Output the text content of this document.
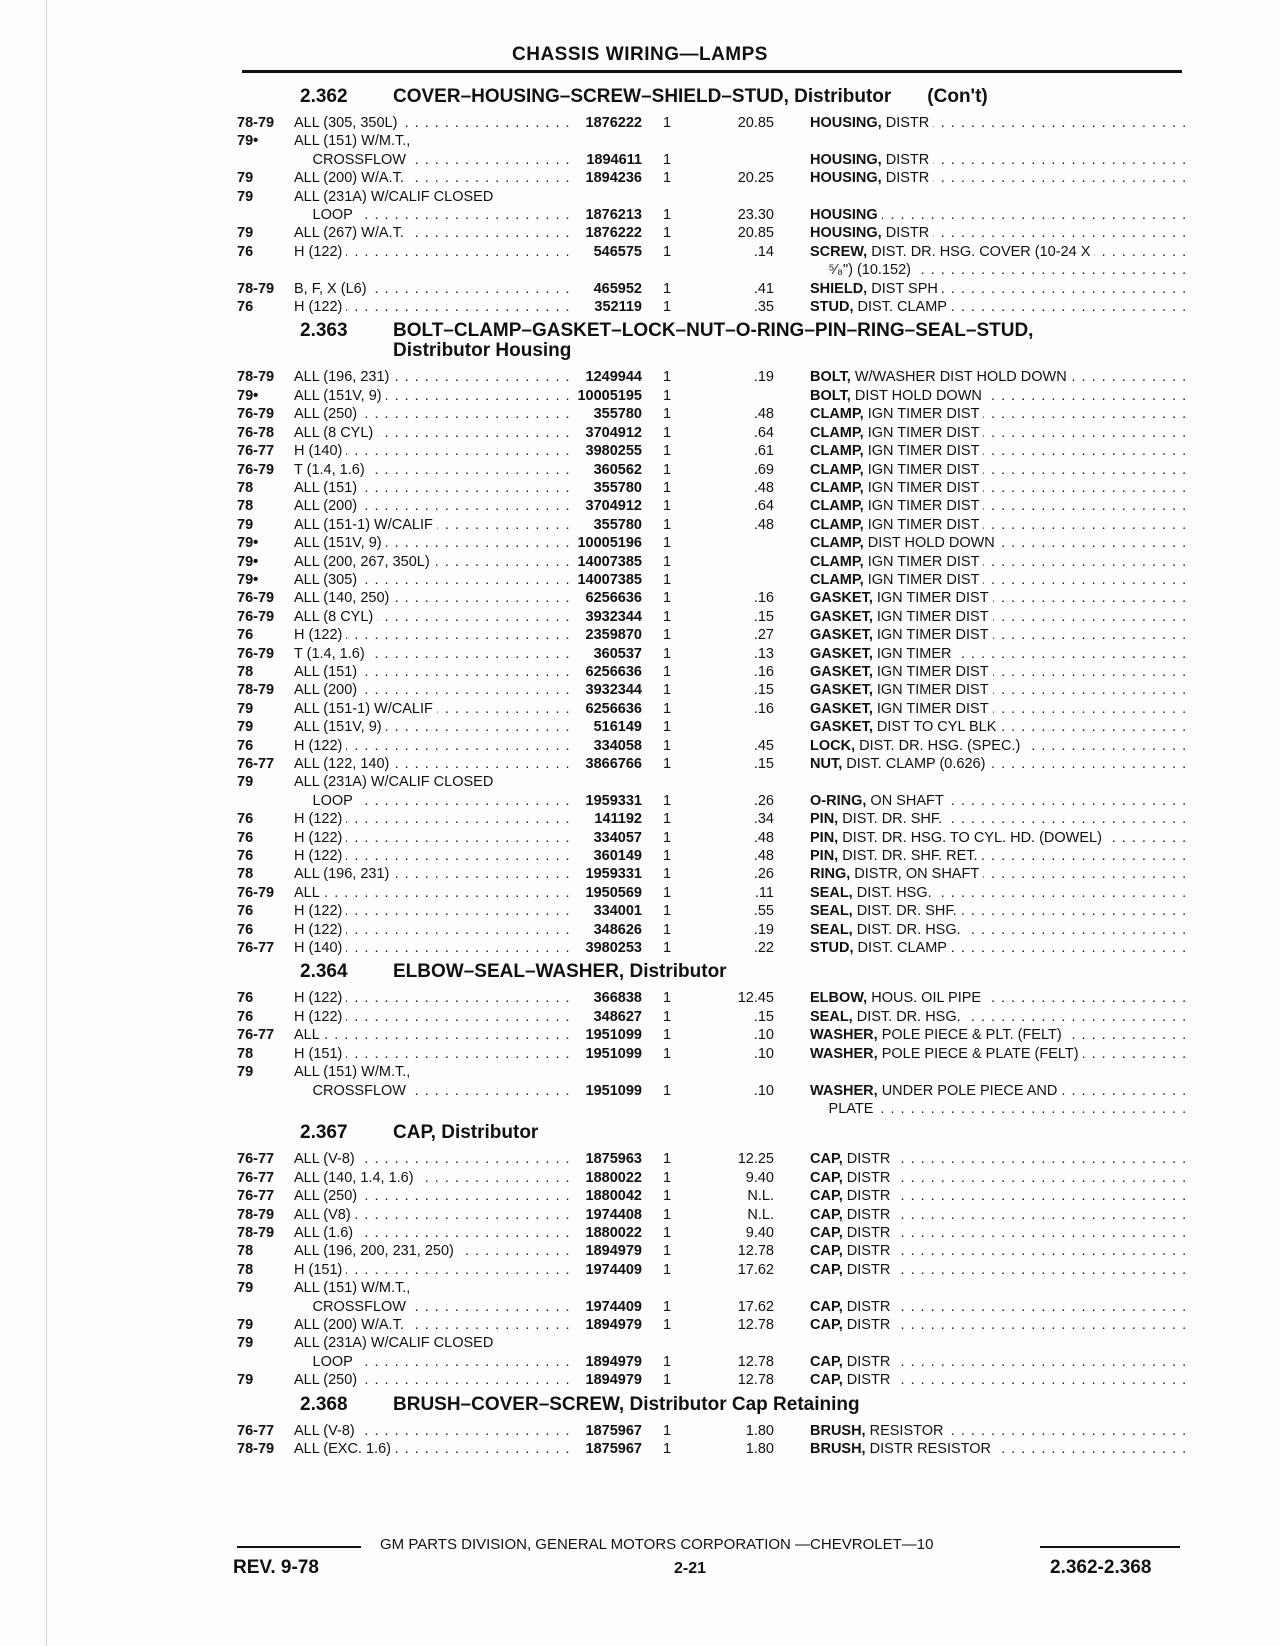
CHASSIS WIRING—LAMPS
2.362	COVER–HOUSING–SCREW–SHIELD–STUD, Distributor (Con't)
78-79	ALL (305, 350L) . . .	1876222	1	20.85	HOUSING, DISTR . . .
79•	ALL (151) W/M.T.,
  CROSSFLOW . . .	1894611	1	HOUSING, DISTR . . .
79	ALL (200) W/A.T. . . .	1894236	1	20.25	HOUSING, DISTR . . .
79	ALL (231A) W/CALIF CLOSED
  LOOP . . .	1876213	1	23.30	HOUSING . . .
79	ALL (267) W/A.T. . . .	1876222	1	20.85	HOUSING, DISTR . . .
76	H (122) . . .	546575	1	.14	SCREW, DIST. DR. HSG. COVER (10-24 X . . .
  ⁵⁄₈") (10.152) . . .
78-79	B, F, X (L6) . . .	465952	1	.41	SHIELD, DIST SPH . . .
76	H (122) . . .	352119	1	.35	STUD, DIST. CLAMP . . .
2.363	BOLT–CLAMP–GASKET–LOCK–NUT–O-RING–PIN–RING–SEAL–STUD,
Distributor Housing
78-79	ALL (196, 231) . . .	1249944	1	.19	BOLT, W/WASHER DIST HOLD DOWN . . .
79•	ALL (151V, 9) . . .	10005195	1	BOLT, DIST HOLD DOWN . . .
76-79	ALL (250) . . .	355780	1	.48	CLAMP, IGN TIMER DIST . . .
76-78	ALL (8 CYL) . . .	3704912	1	.64	CLAMP, IGN TIMER DIST . . .
76-77	H (140) . . .	3980255	1	.61	CLAMP, IGN TIMER DIST . . .
76-79	T (1.4, 1.6) . . .	360562	1	.69	CLAMP, IGN TIMER DIST . . .
78	ALL (151) . . .	355780	1	.48	CLAMP, IGN TIMER DIST . . .
78	ALL (200) . . .	3704912	1	.64	CLAMP, IGN TIMER DIST . . .
79	ALL (151-1) W/CALIF . . .	355780	1	.48	CLAMP, IGN TIMER DIST . . .
79•	ALL (151V, 9) . . .	10005196	1	CLAMP, DIST HOLD DOWN . . .
79•	ALL (200, 267, 350L) . . .	14007385	1	CLAMP, IGN TIMER DIST . . .
79•	ALL (305) . . .	14007385	1	CLAMP, IGN TIMER DIST . . .
76-79	ALL (140, 250) . . .	6256636	1	.16	GASKET, IGN TIMER DIST . . .
76-79	ALL (8 CYL) . . .	3932344	1	.15	GASKET, IGN TIMER DIST . . .
76	H (122) . . .	2359870	1	.27	GASKET, IGN TIMER DIST . . .
76-79	T (1.4, 1.6) . . .	360537	1	.13	GASKET, IGN TIMER . . .
78	ALL (151) . . .	6256636	1	.16	GASKET, IGN TIMER DIST . . .
78-79	ALL (200) . . .	3932344	1	.15	GASKET, IGN TIMER DIST . . .
79	ALL (151-1) W/CALIF . . .	6256636	1	.16	GASKET, IGN TIMER DIST . . .
79	ALL (151V, 9) . . .	516149	1	GASKET, DIST TO CYL BLK . . .
76	H (122) . . .	334058	1	.45	LOCK, DIST. DR. HSG. (SPEC.) . . .
76-77	ALL (122, 140) . . .	3866766	1	.15	NUT, DIST. CLAMP (0.626) . . .
79	ALL (231A) W/CALIF CLOSED
  LOOP . . .	1959331	1	.26	O-RING, ON SHAFT . . .
76	H (122) . . .	141192	1	.34	PIN, DIST. DR. SHF. . . .
76	H (122) . . .	334057	1	.48	PIN, DIST. DR. HSG. TO CYL. HD. (DOWEL) . . .
76	H (122) . . .	360149	1	.48	PIN, DIST. DR. SHF. RET. . . .
78	ALL (196, 231) . . .	1959331	1	.26	RING, DISTR, ON SHAFT . . .
76-79	ALL . . .	1950569	1	.11	SEAL, DIST. HSG. . . .
76	H (122) . . .	334001	1	.55	SEAL, DIST. DR. SHF. . . .
76	H (122) . . .	348626	1	.19	SEAL, DIST. DR. HSG. . . .
76-77	H (140) . . .	3980253	1	.22	STUD, DIST. CLAMP . . .
2.364	ELBOW–SEAL–WASHER, Distributor
76	H (122) . . .	366838	1	12.45	ELBOW, HOUS. OIL PIPE . . .
76	H (122) . . .	348627	1	.15	SEAL, DIST. DR. HSG. . . .
76-77	ALL . . .	1951099	1	.10	WASHER, POLE PIECE & PLT. (FELT) . . .
78	H (151) . . .	1951099	1	.10	WASHER, POLE PIECE & PLATE (FELT) . . .
79	ALL (151) W/M.T.,
  CROSSFLOW . . .	1951099	1	.10	WASHER, UNDER POLE PIECE AND . . .
  PLATE . . .
2.367	CAP, Distributor
76-77	ALL (V-8) . . .	1875963	1	12.25	CAP, DISTR . . .
76-77	ALL (140, 1.4, 1.6) . . .	1880022	1	9.40	CAP, DISTR . . .
76-77	ALL (250) . . .	1880042	1	N.L.	CAP, DISTR . . .
78-79	ALL (V8) . . .	1974408	1	N.L.	CAP, DISTR . . .
78-79	ALL (1.6) . . .	1880022	1	9.40	CAP, DISTR . . .
78	ALL (196, 200, 231, 250) . . .	1894979	1	12.78	CAP, DISTR . . .
78	H (151) . . .	1974409	1	17.62	CAP, DISTR . . .
79	ALL (151) W/M.T.,
  CROSSFLOW . . .	1974409	1	17.62	CAP, DISTR . . .
79	ALL (200) W/A.T. . . .	1894979	1	12.78	CAP, DISTR . . .
79	ALL (231A) W/CALIF CLOSED
  LOOP . . .	1894979	1	12.78	CAP, DISTR . . .
79	ALL (250) . . .	1894979	1	12.78	CAP, DISTR . . .
2.368	BRUSH–COVER–SCREW, Distributor Cap Retaining
76-77	ALL (V-8) . . .	1875967	1	1.80	BRUSH, RESISTOR . . .
78-79	ALL (EXC. 1.6) . . .	1875967	1	1.80	BRUSH, DISTR RESISTOR . . .
GM PARTS DIVISION, GENERAL MOTORS CORPORATION —CHEVROLET—10
REV. 9-78	2-21	2.362-2.368
